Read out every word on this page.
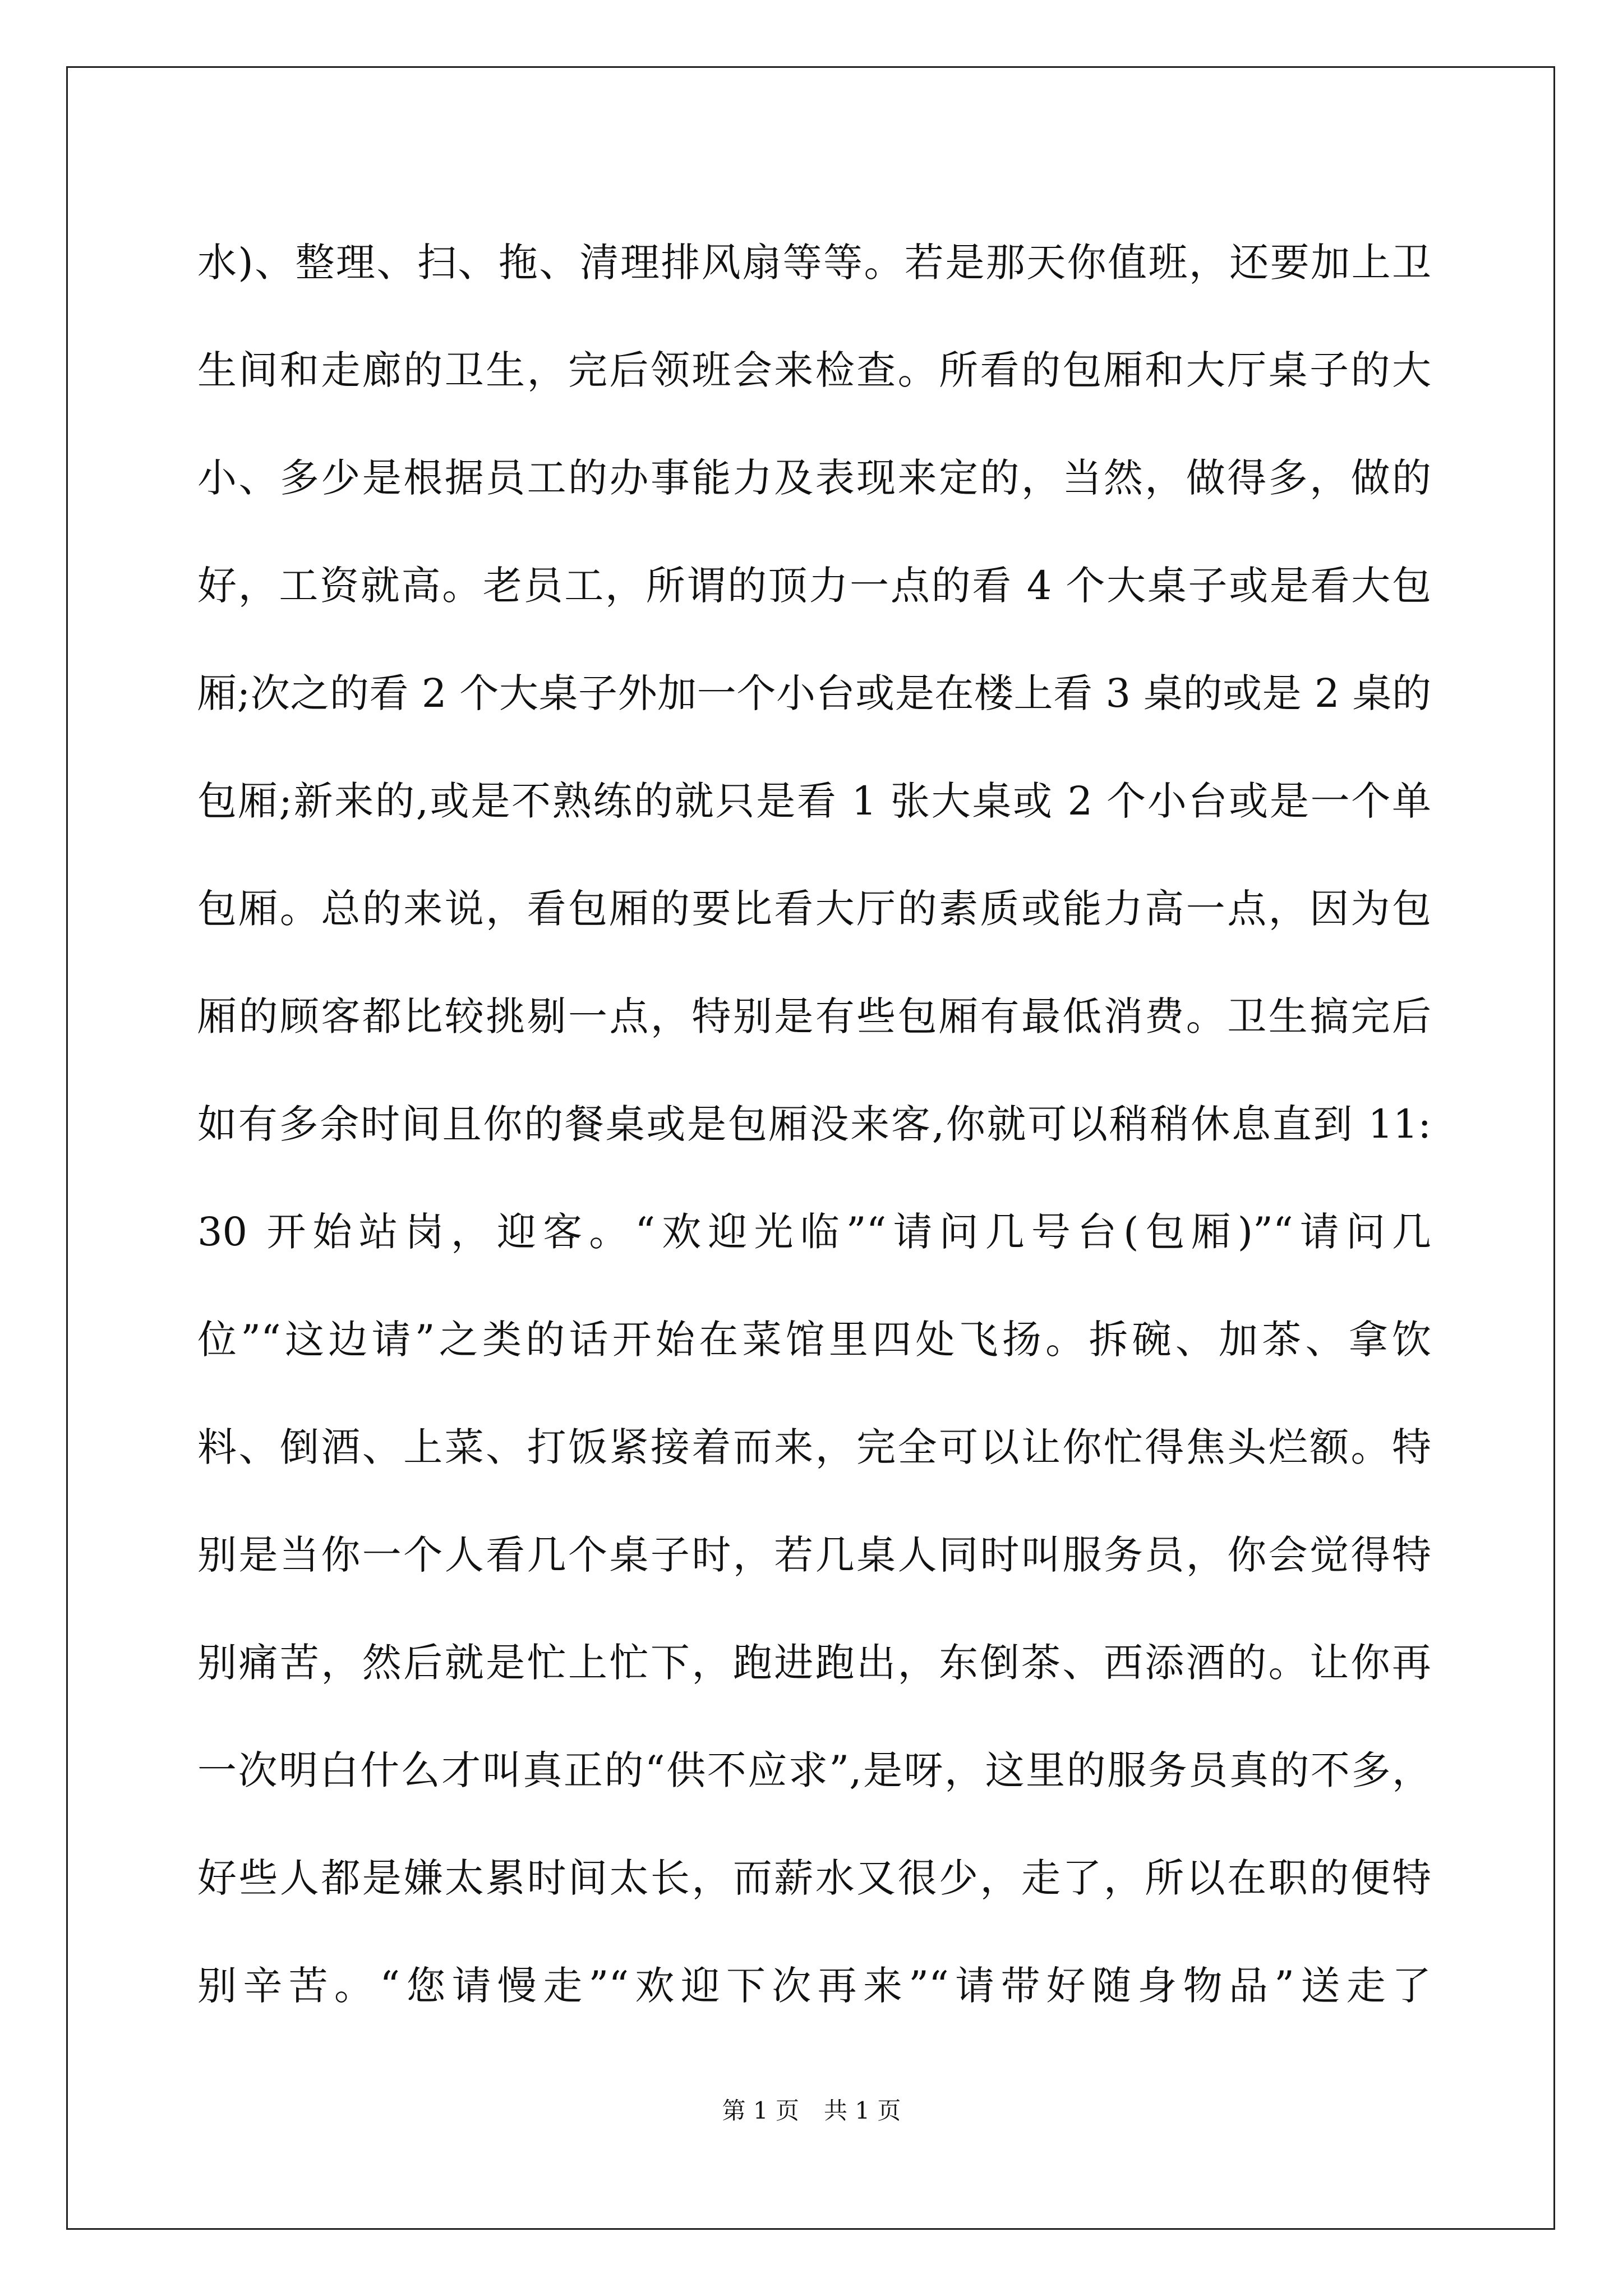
水)、整理、扫、拖、清理排风扇等等。若是那天你值班，还要加上卫
生间和走廊的卫生，完后领班会来检查。所看的包厢和大厅桌子的大
小、多少是根据员工的办事能力及表现来定的，当然，做得多，做的
好，工资就高。老员工，所谓的顶力一点的看 4 个大桌子或是看大包
厢;次之的看 2 个大桌子外加一个小台或是在楼上看 3 桌的或是 2 桌的
包厢;新来的,或是不熟练的就只是看 1 张大桌或 2 个小台或是一个单
包厢。总的来说，看包厢的要比看大厅的素质或能力高一点，因为包
厢的顾客都比较挑剔一点，特别是有些包厢有最低消费。卫生搞完后
如有多余时间且你的餐桌或是包厢没来客,你就可以稍稍休息直到 11:
30 开始站岗，迎客。“欢迎光临”“请问几号台(包厢)”“请问几
位”“这边请”之类的话开始在菜馆里四处飞扬。拆碗、加茶、拿饮
料、倒酒、上菜、打饭紧接着而来，完全可以让你忙得焦头烂额。特
别是当你一个人看几个桌子时，若几桌人同时叫服务员，你会觉得特
别痛苦，然后就是忙上忙下，跑进跑出，东倒茶、西添酒的。让你再
一次明白什么才叫真正的“供不应求”,是呀，这里的服务员真的不多，
好些人都是嫌太累时间太长，而薪水又很少，走了，所以在职的便特
别辛苦。“您请慢走”“欢迎下次再来”“请带好随身物品”送走了
第 1 页 共 1 页
